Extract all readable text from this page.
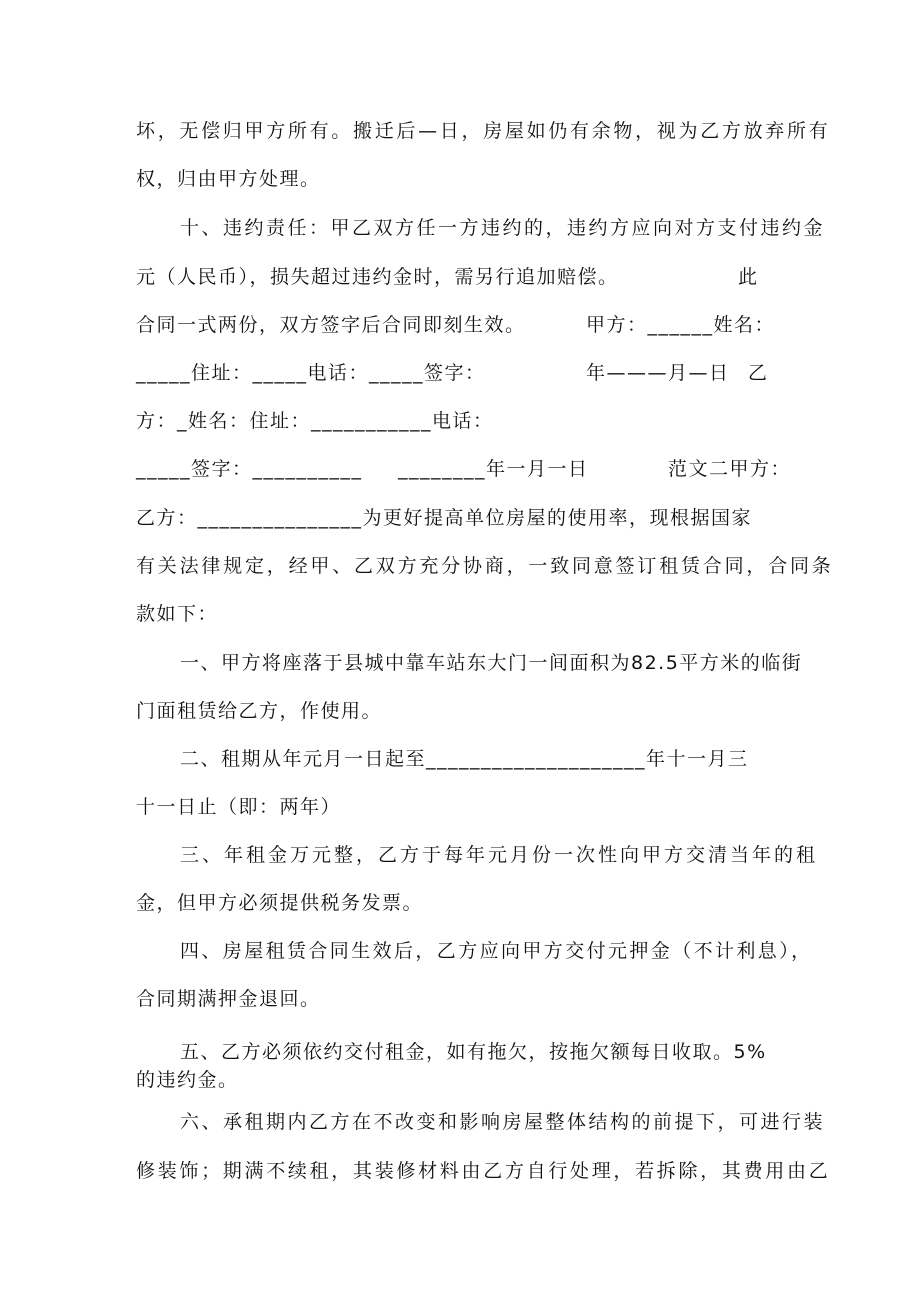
坏，无偿归甲方所有。搬迁后—日，房屋如仍有余物，视为乙方放弃所有
权，归由甲方处理。
十、违约责任：甲乙双方任一方违约的，违约方应向对方支付违约金
元（人民币），损失超过违约金时，需另行追加赔偿。	此
合同一式两份，双方签字后合同即刻生效。	甲方：______姓名：
_____住址：_____电话：_____签字：	年———月—日 乙
方：_姓名：住址：___________电话：
_____签字：__________ ________年一月一日	范文二甲方：
乙方：_______________为更好提高单位房屋的使用率，现根据国家
有关法律规定，经甲、乙双方充分协商，一致同意签订租赁合同，合同条
款如下：
一、甲方将座落于县城中靠车站东大门一间面积为82.5平方米的临街
门面租赁给乙方，作使用。
二、租期从年元月一日起至____________________年十一月三
十一日止（即：两年）
三、年租金万元整，乙方于每年元月份一次性向甲方交清当年的租
金，但甲方必须提供税务发票。
四、房屋租赁合同生效后，乙方应向甲方交付元押金（不计利息），
合同期满押金退回。
五、乙方必须依约交付租金，如有拖欠，按拖欠额每日收取。5%
的违约金。
六、承租期内乙方在不改变和影响房屋整体结构的前提下，可进行装
修装饰；期满不续租，其装修材料由乙方自行处理，若拆除，其费用由乙
